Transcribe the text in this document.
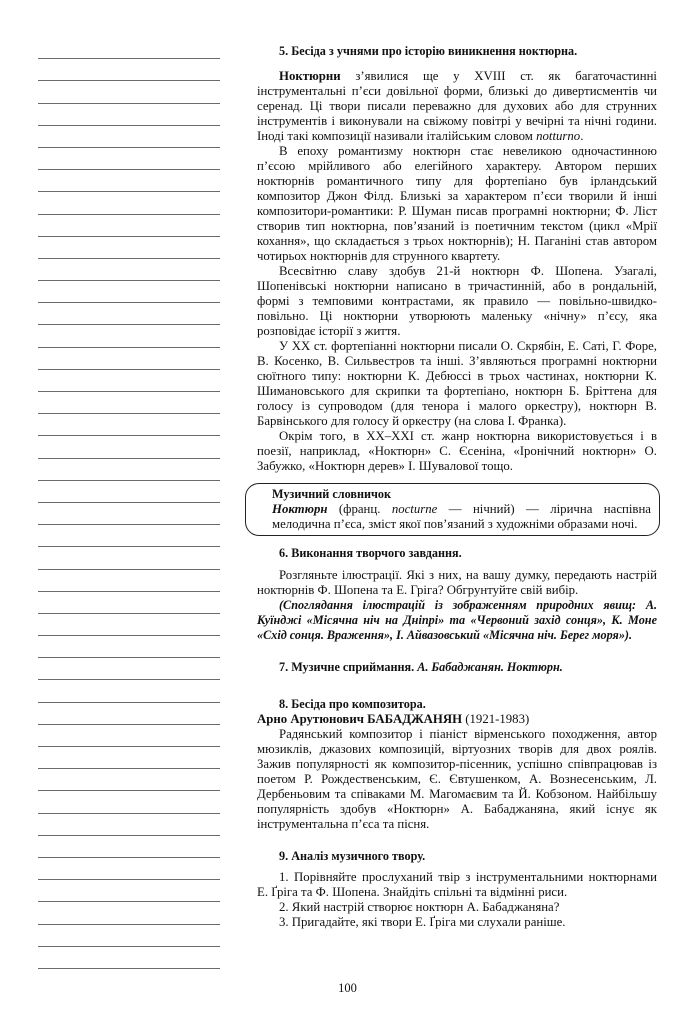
5. Бесіда з учнями про історію виникнення ноктюрна.

Ноктюрни з’явилися ще у XVIII ст. як багаточастинні інструментальні п’єси довільної форми, близькі до дивертисментів чи серенад. Ці твори писали переважно для духових або для струнних інструментів і виконували на свіжому повітрі у вечірні та нічні години. Іноді такі композиції називали італійським словом notturno.

В епоху романтизму ноктюрн стає невеликою одночастинною п’єсою мрійливого або елегійного характеру. Автором перших ноктюрнів романтичного типу для фортепіано був ірландський композитор Джон Філд. Близькі за характером п’єси творили й інші композитори-романтики: Р. Шуман писав програмні ноктюрни; Ф. Ліст створив тип ноктюрна, пов’язаний із поетичним текстом (цикл «Мрії кохання», що складається з трьох ноктюрнів); Н. Паганіні став автором чотирьох ноктюрнів для струнного квартету.

Всесвітню славу здобув 21-й ноктюрн Ф. Шопена. Узагалі, Шопенівські ноктюрни написано в тричастинній, або в рондальній, формі з темповими контрастами, як правило — повільно-швидко-повільно. Ці ноктюрни утворюють маленьку «нічну» п’єсу, яка розповідає історії з життя.

У ХХ ст. фортепіанні ноктюрни писали О. Скрябін, Е. Саті, Г. Форе, В. Косенко, В. Сильвестров та інші. З’являються програмні ноктюрни сюїтного типу: ноктюрни К. Дебюссі в трьох частинах, ноктюрни К. Шимановського для скрипки та фортепіано, ноктюрн Б. Бріттена для голосу із супроводом (для тенора і малого оркестру), ноктюрн В. Барвінського для голосу й оркестру (на слова І. Франка).

Окрім того, в ХХ–ХХІ ст. жанр ноктюрна використовується і в поезії, наприклад, «Ноктюрн» С. Єсеніна, «Іронічний ноктюрн» О. Забужко, «Ноктюрн дерев» І. Шувалової тощо.

Музичний словничок

Ноктюрн (франц. nocturne — нічний) — лірична наспівна мелодична п’єса, зміст якої пов’язаний з художніми образами ночі.

6. Виконання творчого завдання.

Розгляньте ілюстрації. Які з них, на вашу думку, передають настрій ноктюрнів Ф. Шопена та Е. Гріга? Обгрунтуйте свій вибір.

(Споглядання ілюстрацій із зображенням природних явищ: А. Куїнджі «Місячна ніч на Дніпрі» та «Червоний захід сонця», К. Моне «Схід сонця. Враження», І. Айвазовський «Місячна ніч. Берег моря»).

7. Музичне сприймання. А. Бабаджанян. Ноктюрн.

8. Бесіда про композитора.

Арно Арутюнович БАБАДЖАНЯН (1921-1983)

Радянський композитор і піаніст вірменського походження, автор мюзиклів, джазових композицій, віртуозних творів для двох роялів. Зажив популярності як композитор-пісенник, успішно співпрацював із поетом Р. Рождественським, Є. Євтушенком, А. Вознесенським, Л. Дербеньовим та співаками М. Магомаєвим та Й. Кобзоном. Найбільшу популярність здобув «Ноктюрн» А. Бабаджаняна, який існує як інструментальна п’єса та пісня.

9. Аналіз музичного твору.

1. Порівняйте прослуханий твір з інструментальними ноктюрнами Е. Ґріга та Ф. Шопена. Знайдіть спільні та відмінні риси.

2. Який настрій створює ноктюрн А. Бабаджаняна?

3. Пригадайте, які твори Е. Ґріга ми слухали раніше.

100
